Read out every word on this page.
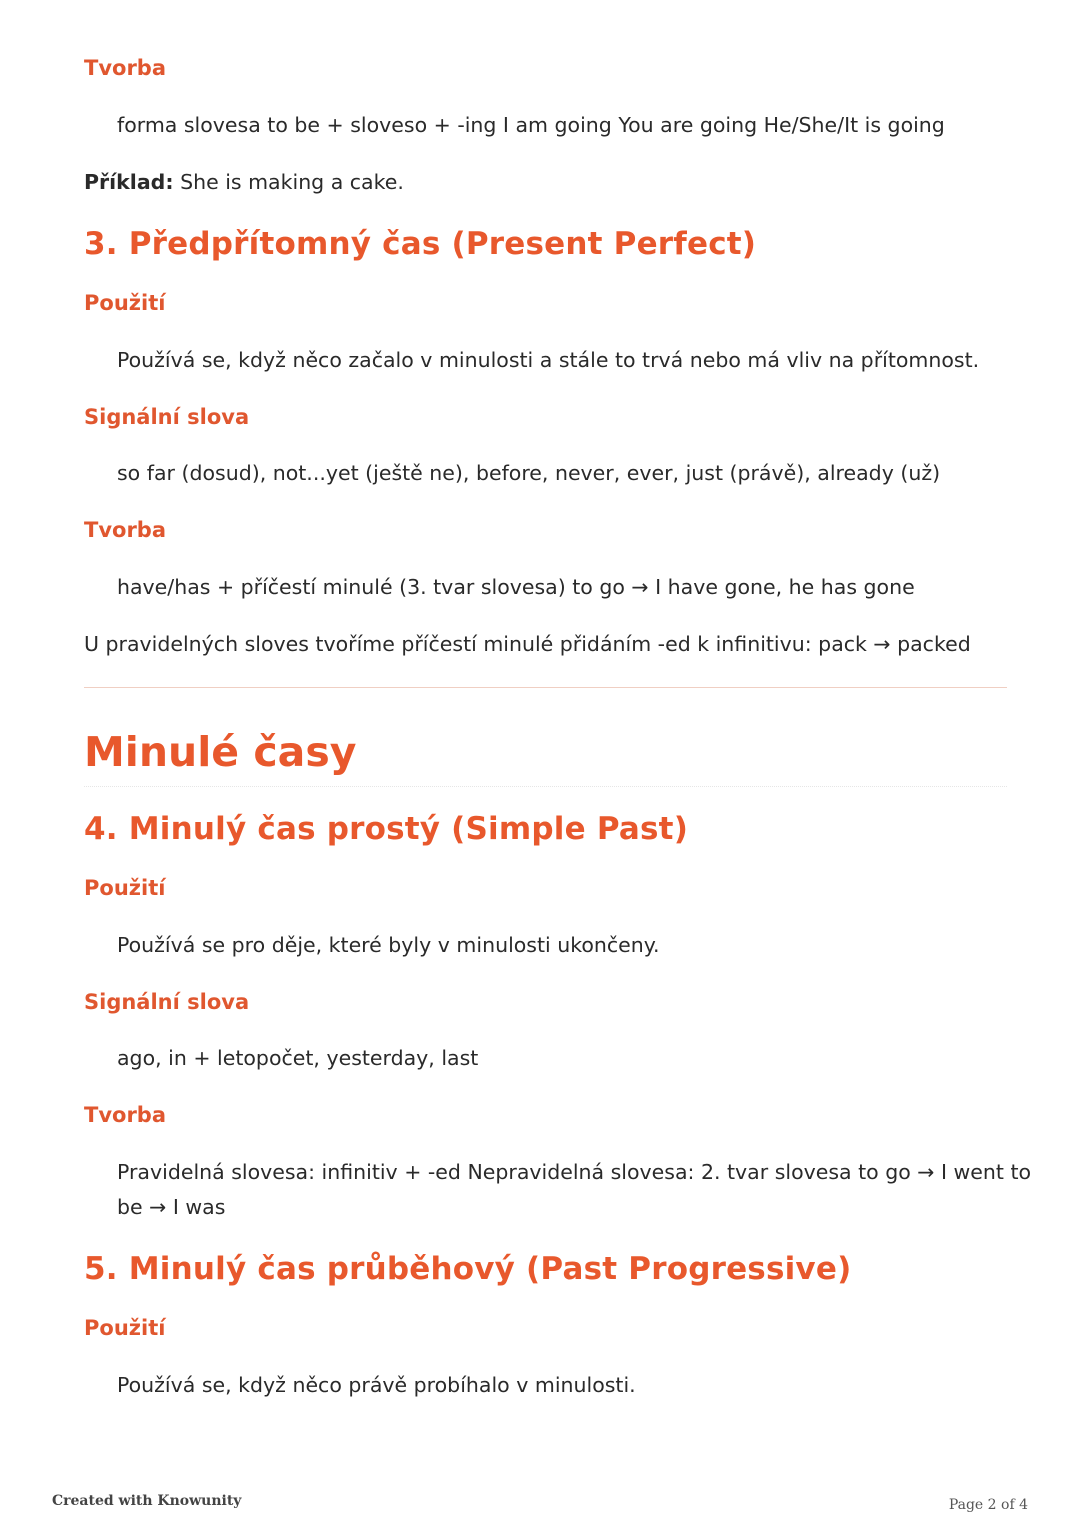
Tvorba

forma slovesa to be + sloveso + -ing I am going You are going He/She/It is going

Příklad: She is making a cake.

3. Předpřítomný čas (Present Perfect)

Použití

Používá se, když něco začalo v minulosti a stále to trvá nebo má vliv na přítomnost.

Signální slova

so far (dosud), not...yet (ještě ne), before, never, ever, just (právě), already (už)

Tvorba

have/has + příčestí minulé (3. tvar slovesa) to go → I have gone, he has gone

U pravidelných sloves tvoříme příčestí minulé přidáním -ed k infinitivu: pack → packed

Minulé časy
4. Minulý čas prostý (Simple Past)

Použití

Používá se pro děje, které byly v minulosti ukončeny.

Signální slova

ago, in + letopočet, yesterday, last

Tvorba

Pravidelná slovesa: infinitiv + -ed Nepravidelná slovesa: 2. tvar slovesa to go → I went to

be → I was

5. Minulý čas průběhový (Past Progressive)

Použití

Používá se, když něco právě probíhalo v minulosti.

Created with Knowunity	Page 2 of 4
